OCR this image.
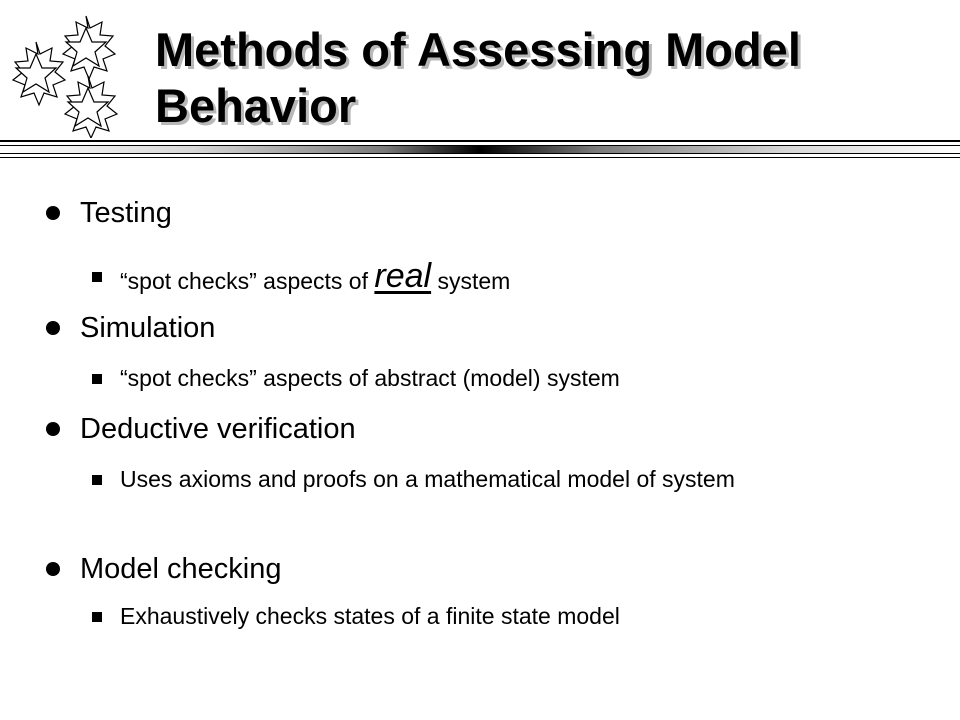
Methods of Assessing Model
Behavior
Testing
“spot checks” aspects of real system
Simulation
“spot checks” aspects of abstract (model) system
Deductive verification
Uses axioms and proofs on a mathematical model of system
Model checking
Exhaustively checks states of a finite state model
